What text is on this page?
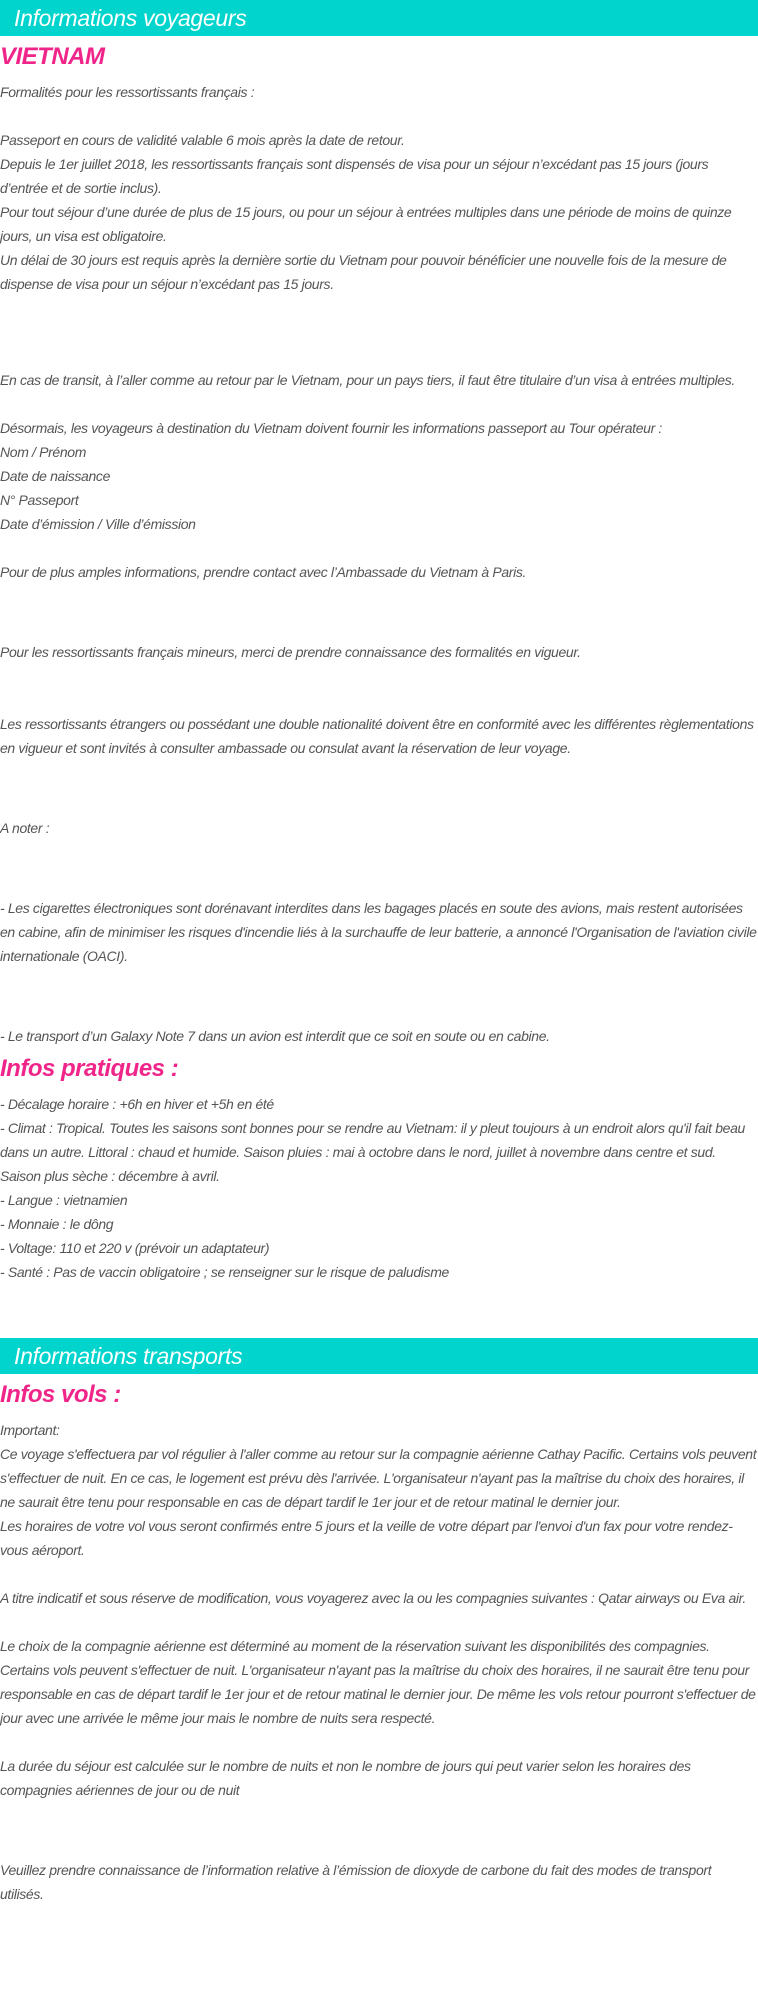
Informations voyageurs
VIETNAM

Formalités pour les ressortissants français :

Passeport en cours de validité valable 6 mois après la date de retour.

Depuis le 1er juillet 2018, les ressortissants français sont dispensés de visa pour un séjour n’excédant pas 15 jours (jours d’entrée et de sortie inclus).

Pour tout séjour d’une durée de plus de 15 jours, ou pour un séjour à entrées multiples dans une période de moins de quinze jours, un visa est obligatoire.

Un délai de 30 jours est requis après la dernière sortie du Vietnam pour pouvoir bénéficier une nouvelle fois de la mesure de dispense de visa pour un séjour n’excédant pas 15 jours.

En cas de transit, à l’aller comme au retour par le Vietnam, pour un pays tiers, il faut être titulaire d’un visa à entrées multiples.

Désormais, les voyageurs à destination du Vietnam doivent fournir les informations passeport au Tour opérateur :

Nom / Prénom

Date de naissance

N° Passeport

Date d’émission / Ville d’émission

Pour de plus amples informations, prendre contact avec l’Ambassade du Vietnam à Paris.

Pour les ressortissants français mineurs, merci de prendre connaissance des formalités en vigueur.

Les ressortissants étrangers ou possédant une double nationalité doivent être en conformité avec les différentes règlementations en vigueur et sont invités à consulter ambassade ou consulat avant la réservation de leur voyage.

A noter :

- Les cigarettes électroniques sont dorénavant interdites dans les bagages placés en soute des avions, mais restent autorisées en cabine, afin de minimiser les risques d'incendie liés à la surchauffe de leur batterie, a annoncé l'Organisation de l'aviation civile internationale (OACI).

- Le transport d’un Galaxy Note 7 dans un avion est interdit que ce soit en soute ou en cabine.

Infos pratiques :

- Décalage horaire : +6h en hiver et +5h en été

- Climat : Tropical. Toutes les saisons sont bonnes pour se rendre au Vietnam: il y pleut toujours à un endroit alors qu'il fait beau dans un autre. Littoral : chaud et humide. Saison pluies : mai à octobre dans le nord, juillet à novembre dans centre et sud. Saison plus sèche : décembre à avril.

- Langue : vietnamien

- Monnaie : le dông

- Voltage: 110 et 220 v (prévoir un adaptateur)

- Santé : Pas de vaccin obligatoire ; se renseigner sur le risque de paludisme

Informations transports
Infos vols :

Important:

Ce voyage s'effectuera par vol régulier à l'aller comme au retour sur la compagnie aérienne Cathay Pacific. Certains vols peuvent s'effectuer de nuit. En ce cas, le logement est prévu dès l'arrivée. L'organisateur n'ayant pas la maîtrise du choix des horaires, il ne saurait être tenu pour responsable en cas de départ tardif le 1er jour et de retour matinal le dernier jour.

Les horaires de votre vol vous seront confirmés entre 5 jours et la veille de votre départ par l'envoi d'un fax pour votre rendez-vous aéroport.

A titre indicatif et sous réserve de modification, vous voyagerez avec la ou les compagnies suivantes : Qatar airways ou Eva air.

Le choix de la compagnie aérienne est déterminé au moment de la réservation suivant les disponibilités des compagnies. Certains vols peuvent s'effectuer de nuit. L'organisateur n'ayant pas la maîtrise du choix des horaires, il ne saurait être tenu pour responsable en cas de départ tardif le 1er jour et de retour matinal le dernier jour. De même les vols retour pourront s'effectuer de jour avec une arrivée le même jour mais le nombre de nuits sera respecté.

La durée du séjour est calculée sur le nombre de nuits et non le nombre de jours qui peut varier selon les horaires des compagnies aériennes de jour ou de nuit

Veuillez prendre connaissance de l’information relative à l’émission de dioxyde de carbone du fait des modes de transport utilisés.
